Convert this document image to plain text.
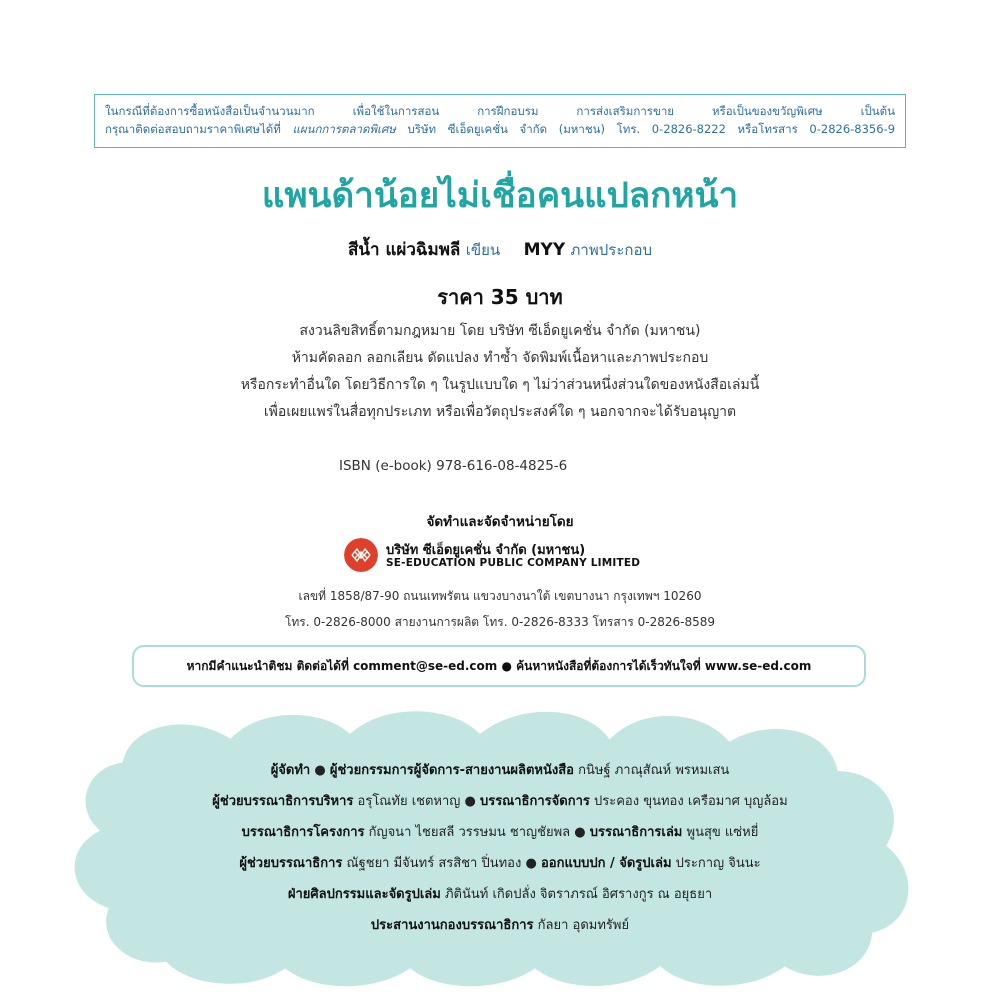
ในกรณีที่ต้องการซื้อหนังสือเป็นจำนวนมาก เพื่อใช้ในการสอน การฝึกอบรม การส่งเสริมการขาย หรือเป็นของขวัญพิเศษ เป็นต้น
กรุณาติดต่อสอบถามราคาพิเศษได้ที่ แผนกการตลาดพิเศษ บริษัท ซีเอ็ดยูเคชั่น จำกัด (มหาชน) โทร. 0-2826-8222 หรือโทรสาร 0-2826-8356-9
แพนด้าน้อยไม่เชื่อคนแปลกหน้า
สีน้ำ แผ่วฉิมพลี เขียน MYY ภาพประกอบ
ราคา 35 บาท
สงวนลิขสิทธิ์ตามกฎหมาย โดย บริษัท ซีเอ็ดยูเคชั่น จำกัด (มหาชน)
ห้ามคัดลอก ลอกเลียน ดัดแปลง ทำซ้ำ จัดพิมพ์เนื้อหาและภาพประกอบ
หรือกระทำอื่นใด โดยวิธีการใด ๆ ในรูปแบบใด ๆ ไม่ว่าส่วนหนึ่งส่วนใดของหนังสือเล่มนี้
เพื่อเผยแพร่ในสื่อทุกประเภท หรือเพื่อวัตถุประสงค์ใด ๆ นอกจากจะได้รับอนุญาต
ISBN (e-book) 978-616-08-4825-6
จัดทำและจัดจำหน่ายโดย
บริษัท ซีเอ็ดยูเคชั่น จำกัด (มหาชน)
SE-EDUCATION PUBLIC COMPANY LIMITED
เลขที่ 1858/87-90 ถนนเทพรัตน แขวงบางนาใต้ เขตบางนา กรุงเทพฯ 10260
โทร. 0-2826-8000 สายงานการผลิต โทร. 0-2826-8333 โทรสาร 0-2826-8589
หากมีคำแนะนำติชม ติดต่อได้ที่ comment@se-ed.com ● ค้นหาหนังสือที่ต้องการได้เร็วทันใจที่ www.se-ed.com
ผู้จัดทำ ● ผู้ช่วยกรรมการผู้จัดการ-สายงานผลิตหนังสือ กนิษฐ์ ภาณุสัณห์ พรหมเสน
ผู้ช่วยบรรณาธิการบริหาร อรุโณทัย เชตหาญ ● บรรณาธิการจัดการ ประคอง ขุนทอง เครือมาศ บุญล้อม
บรรณาธิการโครงการ กัญจนา ไชยสลี วรรษมน ชาญชัยพล ● บรรณาธิการเล่ม พูนสุข แซ่หยี่
ผู้ช่วยบรรณาธิการ ณัฐชยา มีจันทร์ สรสิชา ปิ่นทอง ● ออกแบบปก / จัดรูปเล่ม ประกาญ จินนะ
ฝ่ายศิลปกรรมและจัดรูปเล่ม ภิตินันท์ เกิดปลั่ง จิตราภรณ์ อิศรางกูร ณ อยุธยา
ประสานงานกองบรรณาธิการ กัลยา อุดมทรัพย์
